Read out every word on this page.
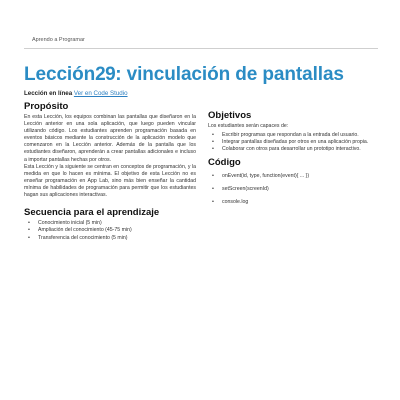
Aprendo a Programar
Lección29: vinculación de pantallas
Lección en línea Ver en Code Studio
Propósito

En esta Lección, los equipos combinan las pantallas que diseñaron en la Lección anterior en una sola aplicación, que luego pueden vincular utilizando código. Los estudiantes aprenden programación basada en eventos básicos mediante la construcción de la aplicación modelo que comenzaron en la Lección anterior. Además de la pantalla que los estudiantes diseñaron, aprenderán a crear pantallas adicionales e incluso a importar pantallas hechas por otros.

Esta Lección y la siguiente se centran en conceptos de programación, y la medida en que lo hacen es mínima. El objetivo de esta Lección no es enseñar programación en App Lab, sino más bien enseñar la cantidad mínima de habilidades de programación para permitir que los estudiantes hagan sus aplicaciones interactivas.

Secuencia para el aprendizaje
• Conocimiento inicial (5 min)
• Ampliación del conocimiento (45-75 min)
• Transferencia del conocimiento (5 min)
Objetivos

Los estudiantes serán capaces de:

• Escribir programas que respondan a la entrada del usuario.
• Integrar pantallas diseñadas por otros en una aplicación propia.
• Colaborar con otros para desarrollar un prototipo interactivo.
Código
• onEvent(id, type, function(event){ ... })
• setScreen(screenId)
• console.log
